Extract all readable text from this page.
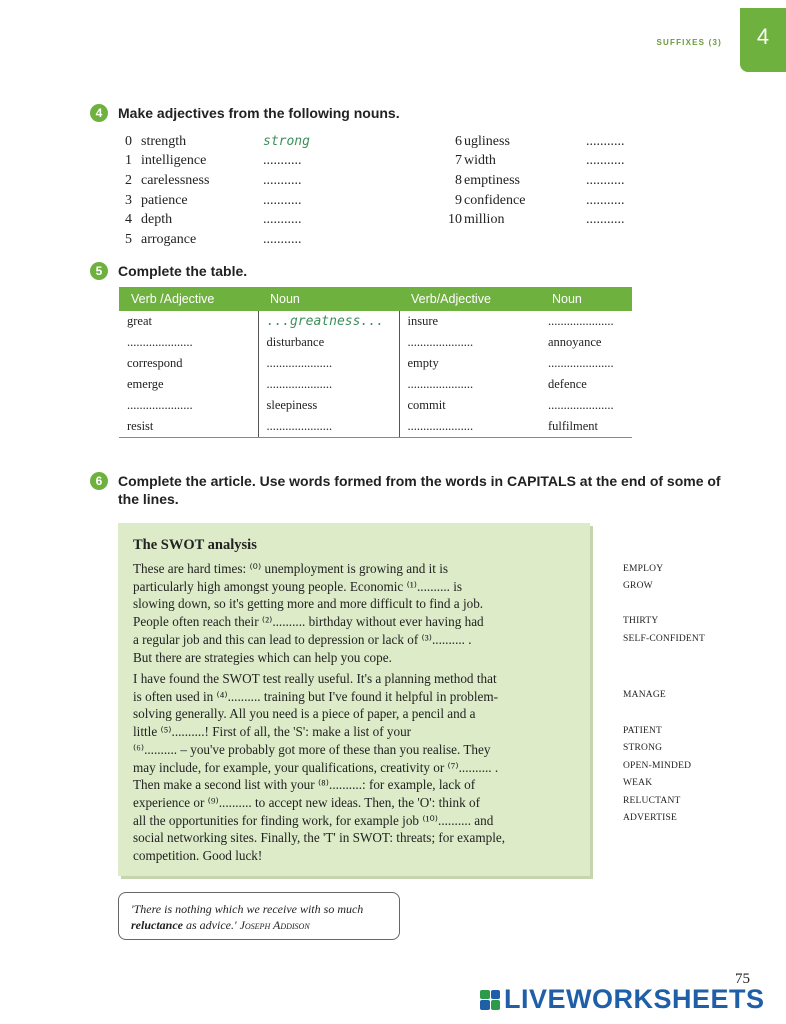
SUFFIXES (3)	4
4	Make adjectives from the following nouns.
0 strength	strong
1 intelligence	...........
2 carelessness	...........
3 patience	...........
4 depth	...........
5 arrogance	...........
6 ugliness	...........
7 width	...........
8 emptiness	...........
9 confidence	...........
10 million	...........
5	Complete the table.
Verb /Adjective	Noun	Verb/Adjective	Noun
great	...greatness...	insure	.....................
.....................	disturbance	.....................	annoyance
correspond	.....................	empty	.....................
emerge	.....................	.....................	defence
.....................	sleepiness	commit	.....................
resist	.....................	.....................	fulfilment
6	Complete the article. Use words formed from the words in CAPITALS at the end of some of the lines.
The SWOT analysis
These are hard times: ⁽⁰⁾ unemployment is growing and it is
particularly high amongst young people. Economic ⁽¹⁾.......... is
slowing down, so it's getting more and more difficult to find a job.
People often reach their ⁽²⁾.......... birthday without ever having had
a regular job and this can lead to depression or lack of ⁽³⁾.......... .
But there are strategies which can help you cope.
I have found the SWOT test really useful. It's a planning method that
is often used in ⁽⁴⁾.......... training but I've found it helpful in problem-
solving generally. All you need is a piece of paper, a pencil and a
little ⁽⁵⁾..........! First of all, the 'S': make a list of your
⁽⁶⁾.......... – you've probably got more of these than you realise. They
may include, for example, your qualifications, creativity or ⁽⁷⁾.......... .
Then make a second list with your ⁽⁸⁾..........: for example, lack of
experience or ⁽⁹⁾.......... to accept new ideas. Then, the 'O': think of
all the opportunities for finding work, for example job ⁽¹⁰⁾.......... and
social networking sites. Finally, the 'T' in SWOT: threats; for example,
competition. Good luck!
EMPLOY
GROW
THIRTY
SELF-CONFIDENT
MANAGE
PATIENT
STRONG
OPEN-MINDED
WEAK
RELUCTANT
ADVERTISE
'There is nothing which we receive with so much
reluctance as advice.' Joseph Addison
75
LIVEWORKSHEETS
